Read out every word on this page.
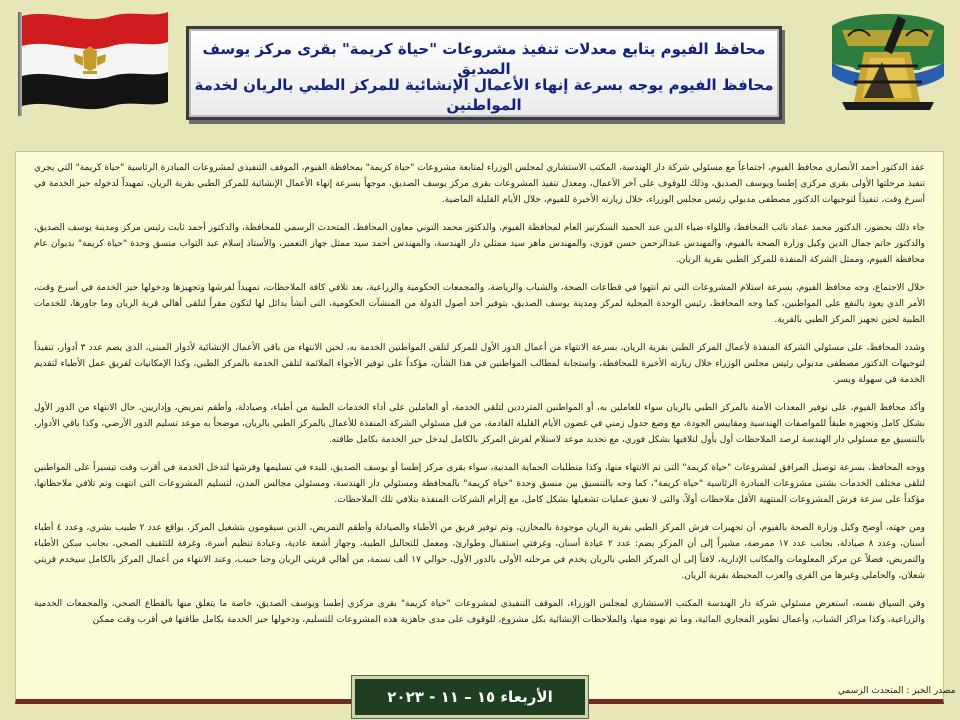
محافظ الفيوم يتابع معدلات تنفيذ مشروعات "حياة كريمة" بقرى مركز يوسف الصديق

محافظ الفيوم يوجه بسرعة إنهاء الأعمال الإنشائية للمركز الطبي بالريان لخدمة المواطنين

عقد الدكتور أحمد الأنصاري محافظ الفيوم، اجتماعاً مع مسئولي شركة دار الهندسة، المكتب الاستشاري لمجلس الوزراء لمتابعة مشروعات "حياة كريمة" بمحافظة الفيوم، الموقف التنفيذي لمشروعات المبادرة الرئاسية "حياة كريمة" التي يجري تنفيذ مرحلتها الأولى بقرى مركزي إطسا ويوسف الصديق، وذلك للوقوف على آخر الأعمال، ومعدل تنفيذ المشروعات بقرى مركز يوسف الصديق، موجهاً بسرعة إنهاء الأعمال الإنشائية للمركز الطبي بقرية الريان، تمهيداً لدخوله حيز الخدمة في أسرع وقت، تنفيذاً لتوجيهات الدكتور مصطفى مدبولي رئيس مجلس الوزراء، خلال زيارته الأخيرة للفيوم، خلال الأيام القليلة الماضية.

جاء ذلك بحضور، الدكتور محمد عماد نائب المحافظ، واللواء ضياء الدين عبد الحميد السكرتير العام لمحافظة الفيوم، والدكتور محمد التوني معاون المحافظ، المتحدث الرسمي للمحافظة، والدكتور أحمد ثابت رئيس مركز ومدينة يوسف الصديق، والدكتور حاتم جمال الدين وكيل وزارة الصحة بالفيوم، والمهندس عبدالرحمن حسن فوزي، والمهندس ماهر سيد ممثلي دار الهندسة، والمهندس أحمد سيد ممثل جهاز التعمير، والأستاذ إسلام عبد التواب منسق وحدة "حياة كريمة" بديوان عام محافظة الفيوم، وممثل الشركة المنفذة للمركز الطبي بقرية الريان.

خلال الاجتماع، وجه محافظ الفيوم، بسرعة استلام المشروعات التي تم انتهوا في قطاعات الصحة، والشباب والرياضة، والمجمعات الحكومية والزراعية، بعد تلافي كافة الملاحظات، تمهيداً لفرشها وتجهيزها ودخولها حيز الخدمة في أسرع وقت، الأمر الذي يعود بالنفع على المواطنين، كما وجه المحافظ، رئيس الوحدة المحلية لمركز ومدينة يوسف الصديق، بتوفير أحد أصول الدولة من المنشآت الحكومية، التى أنشأ بدائل لها لتكون مقراً لتلقى أهالي قرية الريان وما جاورها، للخدمات الطبية لحين تجهيز المركز الطبي بالقرية.

وشدد المحافظ، على مسئولي الشركة المنفذة لأعمال المركز الطبي بقرية الريان، بسرعة الانتهاء من أعمال الدور الأول للمركز لتلقي المواطنين الخدمة به، لحين الانتهاء من باقي الأعمال الإنشائية لأدوار المبنى، الذى يضم عدد ٣ أدوار، تنفيذاً لتوجيهات الدكتور مصطفى مدبولي رئيس مجلس الوزراء خلال زيارته الأخيرة للمحافظة، واستجابة لمطالب المواطنين في هذا الشأن، مؤكداً على توفير الأجواء الملائمة لتلقي الخدمة بالمركز الطبي، وكذا الإمكانيات لفريق عمل الأطباء لتقديم الخدمة في سهولة ويسر.

وأكد محافظ الفيوم، على توفير المعدات الأمنة بالمركز الطبي بالريان سواء للعاملين به، أو المواطنين المترددين لتلقي الخدمة، أو العاملين على أداء الخدمات الطبية من أطباء، وصيادلة، وأطقم تمريض، وإداريين، حال الانتهاء من الدور الأول بشكل كامل وتجهيزه طبقاً للمواصفات الهندسية ومقاييس الجودة، مع وضع جدول زمني في غضون الأيام القليلة القادمة، من قبل مسئولي الشركة المنفذة للأعمال بالمركز الطبي بالريان، موضحاً به موعد تسليم الدور الأرضي، وكذا باقي الأدوار، بالتنسيق مع مسئولي دار الهندسة لرصد الملاحظات أول بأول لتلافيها بشكل فوري، مع تحديد موعد لاستلام لفرش المركز بالكامل ليدخل حيز الخدمة بكامل طاقته.

ووجه المحافظ، بسرعة توصيل المرافق لمشروعات "حياة كريمة" التى تم الانتهاء منها، وكذا متطلبات الحماية المدنية، سواء بقرى مركز إطسا أو يوسف الصديق، للبدء في تسليمها وفرشها لتدخل الخدمة في أقرب وقت تيسيراً على المواطنين لتلقى مختلف الخدمات بشتى مشروعات المبادرة الرئاسية "حياة كريمة"، كما وجه بالتنسيق بين منسق وحدة "حياة كريمة" بالمحافظة ومسئولي دار الهندسة، ومسئولي مجالس المدن، لتسليم المشروعات التى انتهت وتم تلافي ملاحظاتها، مؤكداً على سرعة فرش المشروعات المنتهية الأقل ملاحظات أولاً، والتى لا تعيق عمليات تشغيلها بشكل كامل، مع إلزام الشركات المنفذة بتلافي تلك الملاحظات.

ومن جهته، أوضح وكيل وزارة الصحة بالفيوم، أن تجهيزات فرش المركز الطبي بقرية الريان موجودة بالمخازن، وتم توفير فريق من الأطباء والصيادلة وأطقم التمريض، الذين سيقومون بتشغيل المركز، بواقع عدد ٢ طبيب بشري، وعدد ٤ أطباء أسنان، وعدد ٨ صيادلة، بجانب عدد ١٧ ممرضة، مشيراً إلى أن المركز يضم: عدد ٢ عيادة أسنان، وغرفتي استقبال وطوارئ، ومعمل للتحاليل الطبية، وجهاز أشعة عادية، وعيادة تنظيم أسرة، وغرفة للتثقيف الصحي، بجانب سكن الأطباء والتمريض، فضلاً عن مركز المعلومات والمكاتب الإدارية، لافتاً إلى أن المركز الطبي بالريان يخدم في مرحلته الأولى بالدور الأول، حوالي ١٧ ألف نسمة، من أهالي قريتي الريان وحنا حبيب، وعند الانتهاء من أعمال المركز بالكامل سيخدم قريتي شعلان، والحاملي وغيرها من القرى والعزب المحيطة بقرية الريان.

وفي السياق نفسه، استعرض مسئولي شركة دار الهندسة المكتب الاستشاري لمجلس الوزراء، الموقف التنفيذي لمشروعات "حياة كريمة" بقرى مركزي إطسا ويوسف الصديق، خاصة ما يتعلق منها بالقطاع الصحي، والمجمعات الخدمية والزراعية، وكذا مراكز الشباب، وأعمال تطوير المجاري المائية، وما تم نهوه منها، والملاحظات الإنشائية بكل مشروع، للوقوف على مدى جاهزية هذه المشروعات للتسليم، ودخولها حيز الخدمة بكامل طاقتها في أقرب وقت ممكن

مصدر الخبر : المتحدث الرسمي
الأربعاء ١٥ – ١١ - ٢٠٢٣
